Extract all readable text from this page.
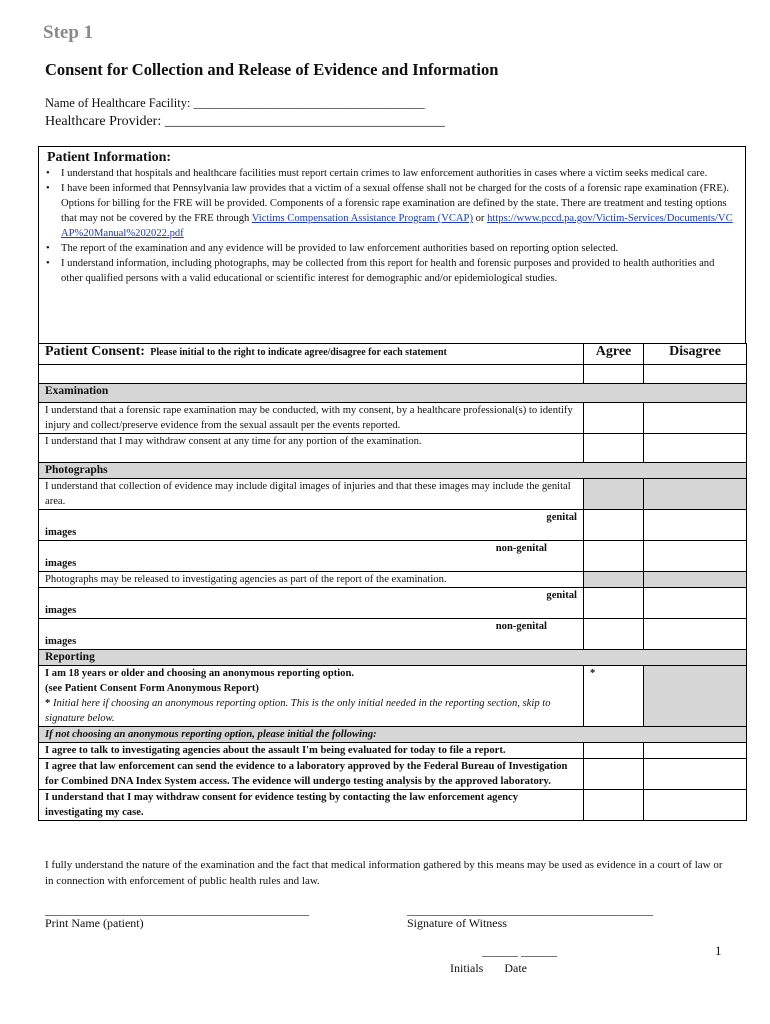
Step 1
Consent for Collection and Release of Evidence and Information
Name of Healthcare Facility: _____________________________________
Healthcare Provider: ________________________________________
Patient Information:
• I understand that hospitals and healthcare facilities must report certain crimes to law enforcement authorities in cases where a victim seeks medical care.
• I have been informed that Pennsylvania law provides that a victim of a sexual offense shall not be charged for the costs of a forensic rape examination (FRE). Options for billing for the FRE will be provided. Components of a forensic rape examination are defined by the state. There are treatment and testing options that may not be covered by the FRE through Victims Compensation Assistance Program (VCAP) or https://www.pccd.pa.gov/Victim-Services/Documents/VCAP%20Manual%202022.pdf
• The report of the examination and any evidence will be provided to law enforcement authorities based on reporting option selected.
• I understand information, including photographs, may be collected from this report for health and forensic purposes and provided to health authorities and other qualified persons with a valid educational or scientific interest for demographic and/or epidemiological studies.
Patient Consent: Please initial to the right to indicate agree/disagree for each statement	Agree	Disagree

Examination		
I understand that a forensic rape examination may be conducted, with my consent, by a healthcare professional(s) to identify injury and collect/preserve evidence from the sexual assault per the events reported.		
I understand that I may withdraw consent at any time for any portion of the examination.		
Photographs		
I understand that collection of evidence may include digital images of injuries and that these images may include the genital area.		

genital
images		

non-genital
images		

Photographs may be released to investigating agencies as part of the report of the examination.		

genital
images		

non-genital
images		

Reporting		

I am 18 years or older and choosing an anonymous reporting option.
(see Patient Consent Form Anonymous Report)
* Initial here if choosing an anonymous reporting option. This is the only initial needed in the reporting section, skip to signature below.	*	
If not choosing an anonymous reporting option, please initial the following:		
I agree to talk to investigating agencies about the assault I'm being evaluated for today to file a report.		
I agree that law enforcement can send the evidence to a laboratory approved by the Federal Bureau of Investigation for Combined DNA Index System access. The evidence will undergo testing analysis by the approved laboratory.		
I understand that I may withdraw consent for evidence testing by contacting the law enforcement agency investigating my case.		
I fully understand the nature of the examination and the fact that medical information gathered by this means may be used as evidence in a court of law or in connection with enforcement of public health rules and law.
____________________________________________
Print Name (patient)
_________________________________________
Signature of Witness
______ ______
Initials Date
1
